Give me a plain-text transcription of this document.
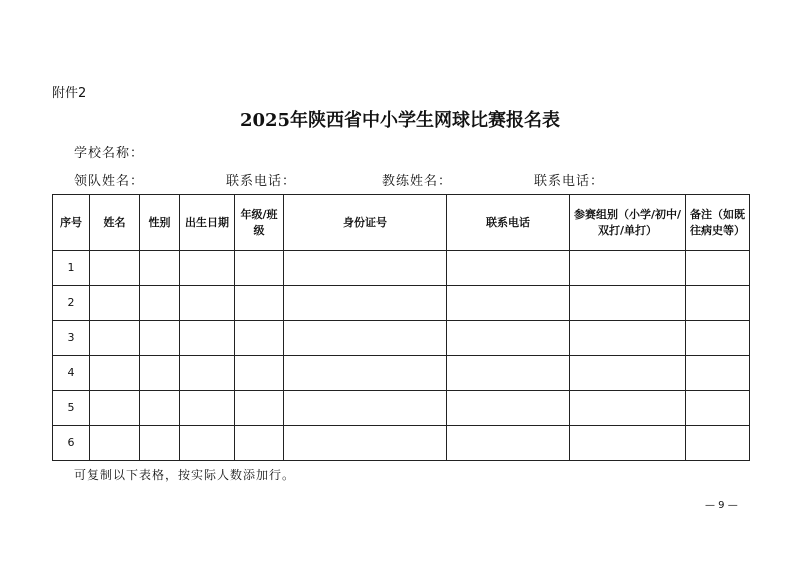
附件2
2025年陕西省中小学生网球比赛报名表
学校名称：
领队姓名：	联系电话：	教练姓名：	联系电话：
序号	姓名	性别	出生日期	年级/班级	身份证号	联系电话	参赛组别（小学/初中/双打/单打）	备注（如既往病史等）
1								
2								
3								
4								
5								
6								
可复制以下表格，按实际人数添加行。
— 9 —
